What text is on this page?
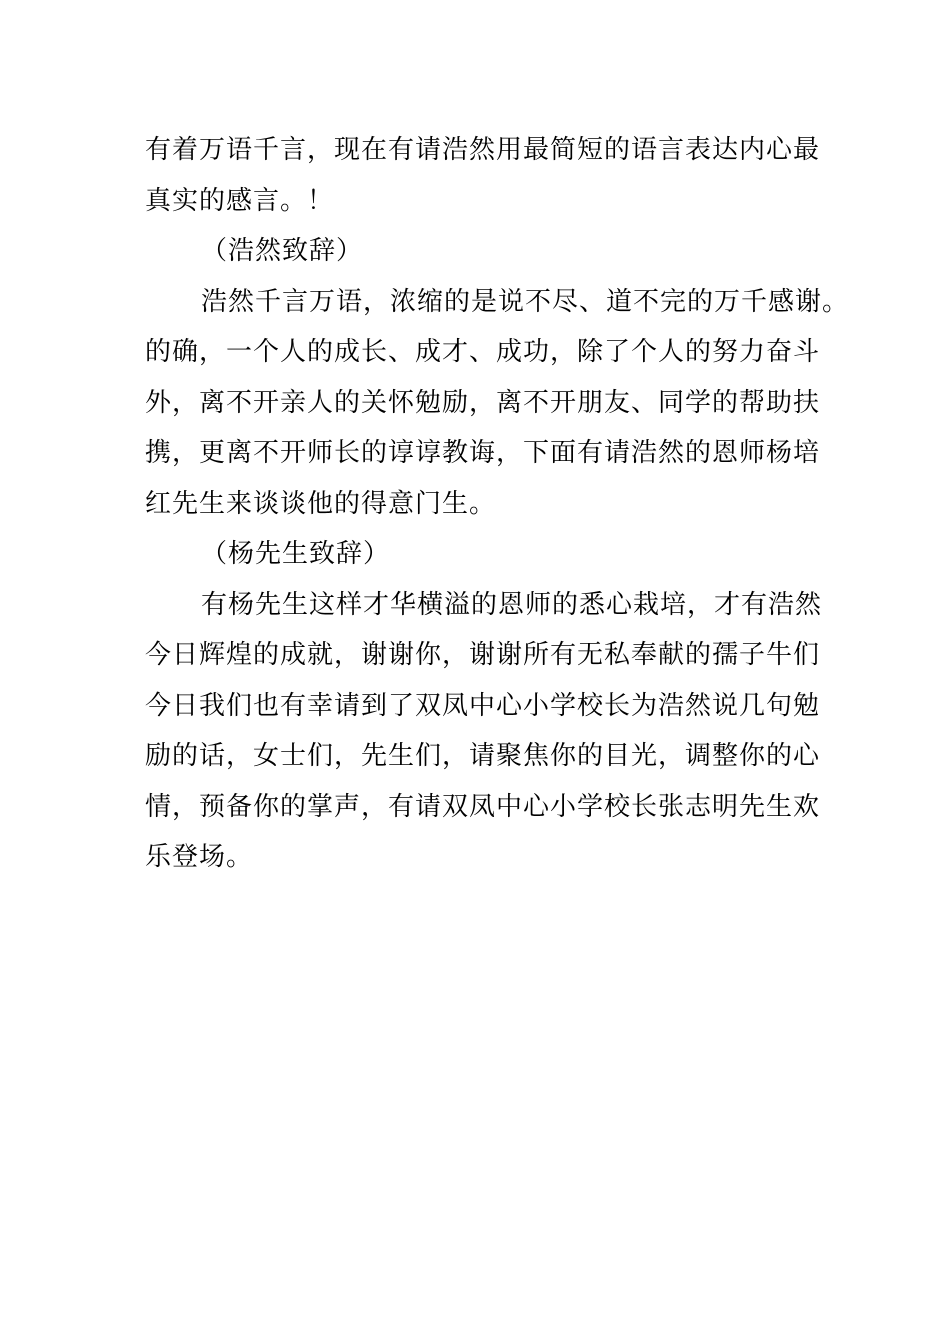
有着万语千言，现在有请浩然用最简短的语言表达内心最
真实的感言。！

（浩然致辞）

浩然千言万语，浓缩的是说不尽、道不完的万千感谢。
的确，一个人的成长、成才、成功，除了个人的努力奋斗
外，离不开亲人的关怀勉励，离不开朋友、同学的帮助扶
携，更离不开师长的谆谆教诲，下面有请浩然的恩师杨培
红先生来谈谈他的得意门生。

（杨先生致辞）

有杨先生这样才华横溢的恩师的悉心栽培，才有浩然
今日辉煌的成就，谢谢你，谢谢所有无私奉献的孺子牛们
今日我们也有幸请到了双凤中心小学校长为浩然说几句勉
励的话，女士们，先生们，请聚焦你的目光，调整你的心
情，预备你的掌声，有请双凤中心小学校长张志明先生欢
乐登场。
